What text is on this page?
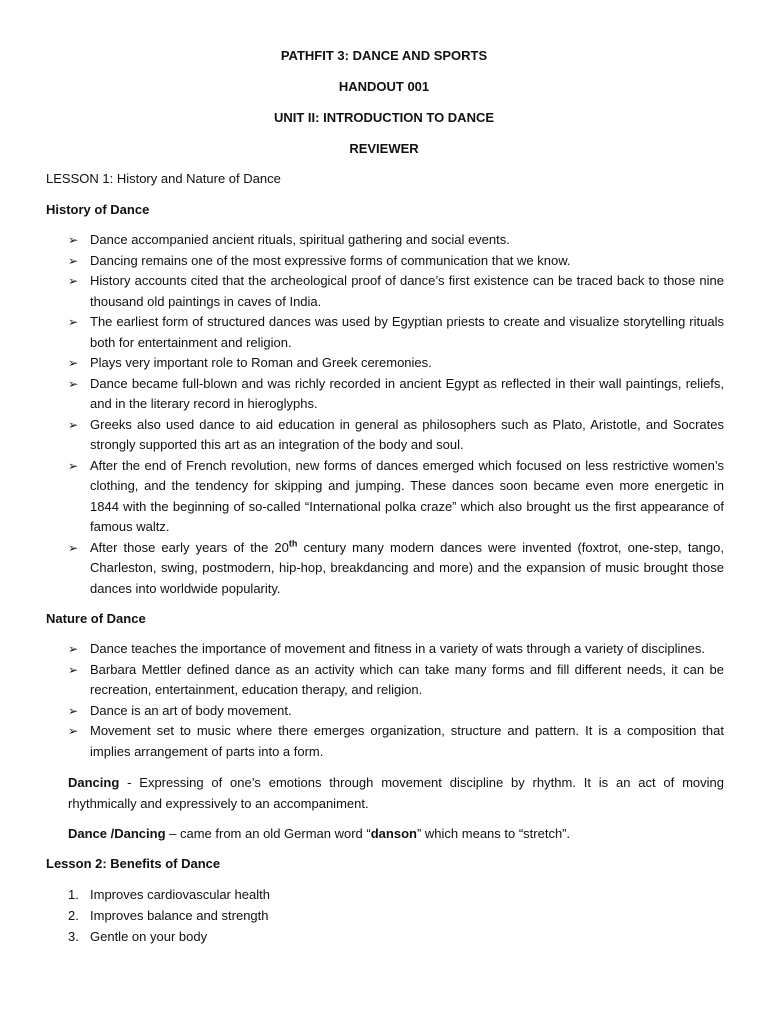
PATHFIT 3: DANCE AND SPORTS
HANDOUT 001
UNIT II: INTRODUCTION TO DANCE
REVIEWER
LESSON 1: History and Nature of Dance
History of Dance
➢ Dance accompanied ancient rituals, spiritual gathering and social events.
➢ Dancing remains one of the most expressive forms of communication that we know.
➢ History accounts cited that the archeological proof of dance’s first existence can be traced back to those nine thousand old paintings in caves of India.
➢ The earliest form of structured dances was used by Egyptian priests to create and visualize storytelling rituals both for entertainment and religion.
➢ Plays very important role to Roman and Greek ceremonies.
➢ Dance became full-blown and was richly recorded in ancient Egypt as reflected in their wall paintings, reliefs, and in the literary record in hieroglyphs.
➢ Greeks also used dance to aid education in general as philosophers such as Plato, Aristotle, and Socrates strongly supported this art as an integration of the body and soul.
➢ After the end of French revolution, new forms of dances emerged which focused on less restrictive women’s clothing, and the tendency for skipping and jumping. These dances soon became even more energetic in 1844 with the beginning of so-called “International polka craze” which also brought us the first appearance of famous waltz.
➢ After those early years of the 20th century many modern dances were invented (foxtrot, one-step, tango, Charleston, swing, postmodern, hip-hop, breakdancing and more) and the expansion of music brought those dances into worldwide popularity.
Nature of Dance
➢ Dance teaches the importance of movement and fitness in a variety of wats through a variety of disciplines.
➢ Barbara Mettler defined dance as an activity which can take many forms and fill different needs, it can be recreation, entertainment, education therapy, and religion.
➢ Dance is an art of body movement.
➢ Movement set to music where there emerges organization, structure and pattern. It is a composition that implies arrangement of parts into a form.

Dancing - Expressing of one’s emotions through movement discipline by rhythm. It is an act of moving rhythmically and expressively to an accompaniment.

Dance /Dancing – came from an old German word “danson” which means to “stretch”.

Lesson 2: Benefits of Dance
1. Improves cardiovascular health
2. Improves balance and strength
3. Gentle on your body
